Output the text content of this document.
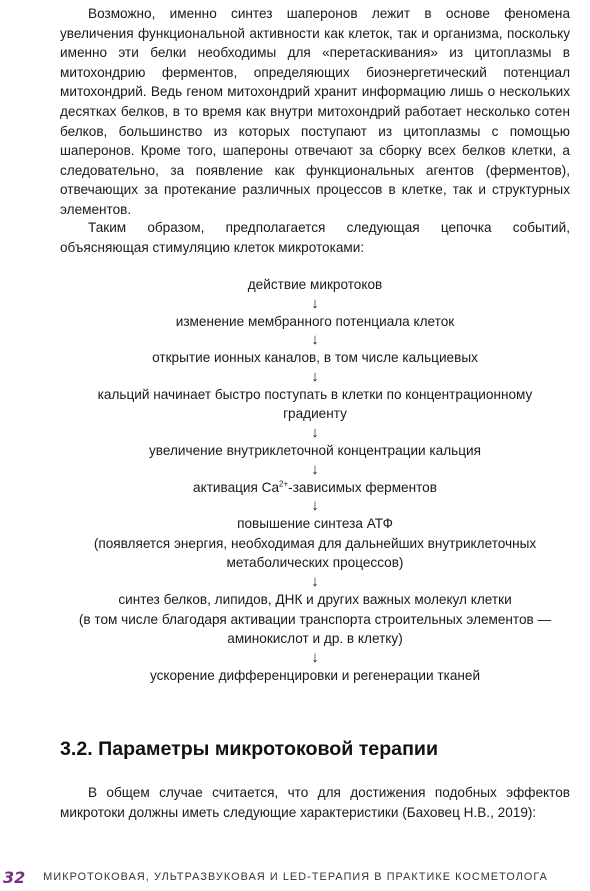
Возможно, именно синтез шаперонов лежит в основе феномена увеличения функциональной активности как клеток, так и организма, поскольку именно эти белки необходимы для «перетаскивания» из цитоплазмы в митохондрию ферментов, определяющих биоэнергетический потенциал митохондрий. Ведь геном митохондрий хранит информацию лишь о нескольких десятках белков, в то время как внутри митохондрий работает несколько сотен белков, большинство из которых поступают из цитоплазмы с помощью шаперонов. Кроме того, шапероны отвечают за сборку всех белков клетки, а следовательно, за появление как функциональных агентов (ферментов), отвечающих за протекание различных процессов в клетке, так и структурных элементов.

Таким образом, предполагается следующая цепочка событий, объясняющая стимуляцию клеток микротоками:

действие микротоков

↓

изменение мембранного потенциала клеток

↓

открытие ионных каналов, в том числе кальциевых

↓

кальций начинает быстро поступать в клетки по концентрационному

градиенту

↓

увеличение внутриклеточной концентрации кальция

↓

активация $Ca^{2+}$-зависимых ферментов

↓

повышение синтеза АТФ

(появляется энергия, необходимая для дальнейших внутриклеточных

метаболических процессов)

↓

синтез белков, липидов, ДНК и других важных молекул клетки

(в том числе благодаря активации транспорта строительных элементов —

аминокислот и др. в клетку)

↓

ускорение дифференцировки и регенерации тканей

3.2. Параметры микротоковой терапии

В общем случае считается, что для достижения подобных эффектов микротоки должны иметь следующие характеристики (Баховец Н.В., 2019):

32 МИКРОТОКОВАЯ, УЛЬТРАЗВУКОВАЯ И LED-ТЕРАПИЯ В ПРАКТИКЕ КОСМЕТОЛОГА
